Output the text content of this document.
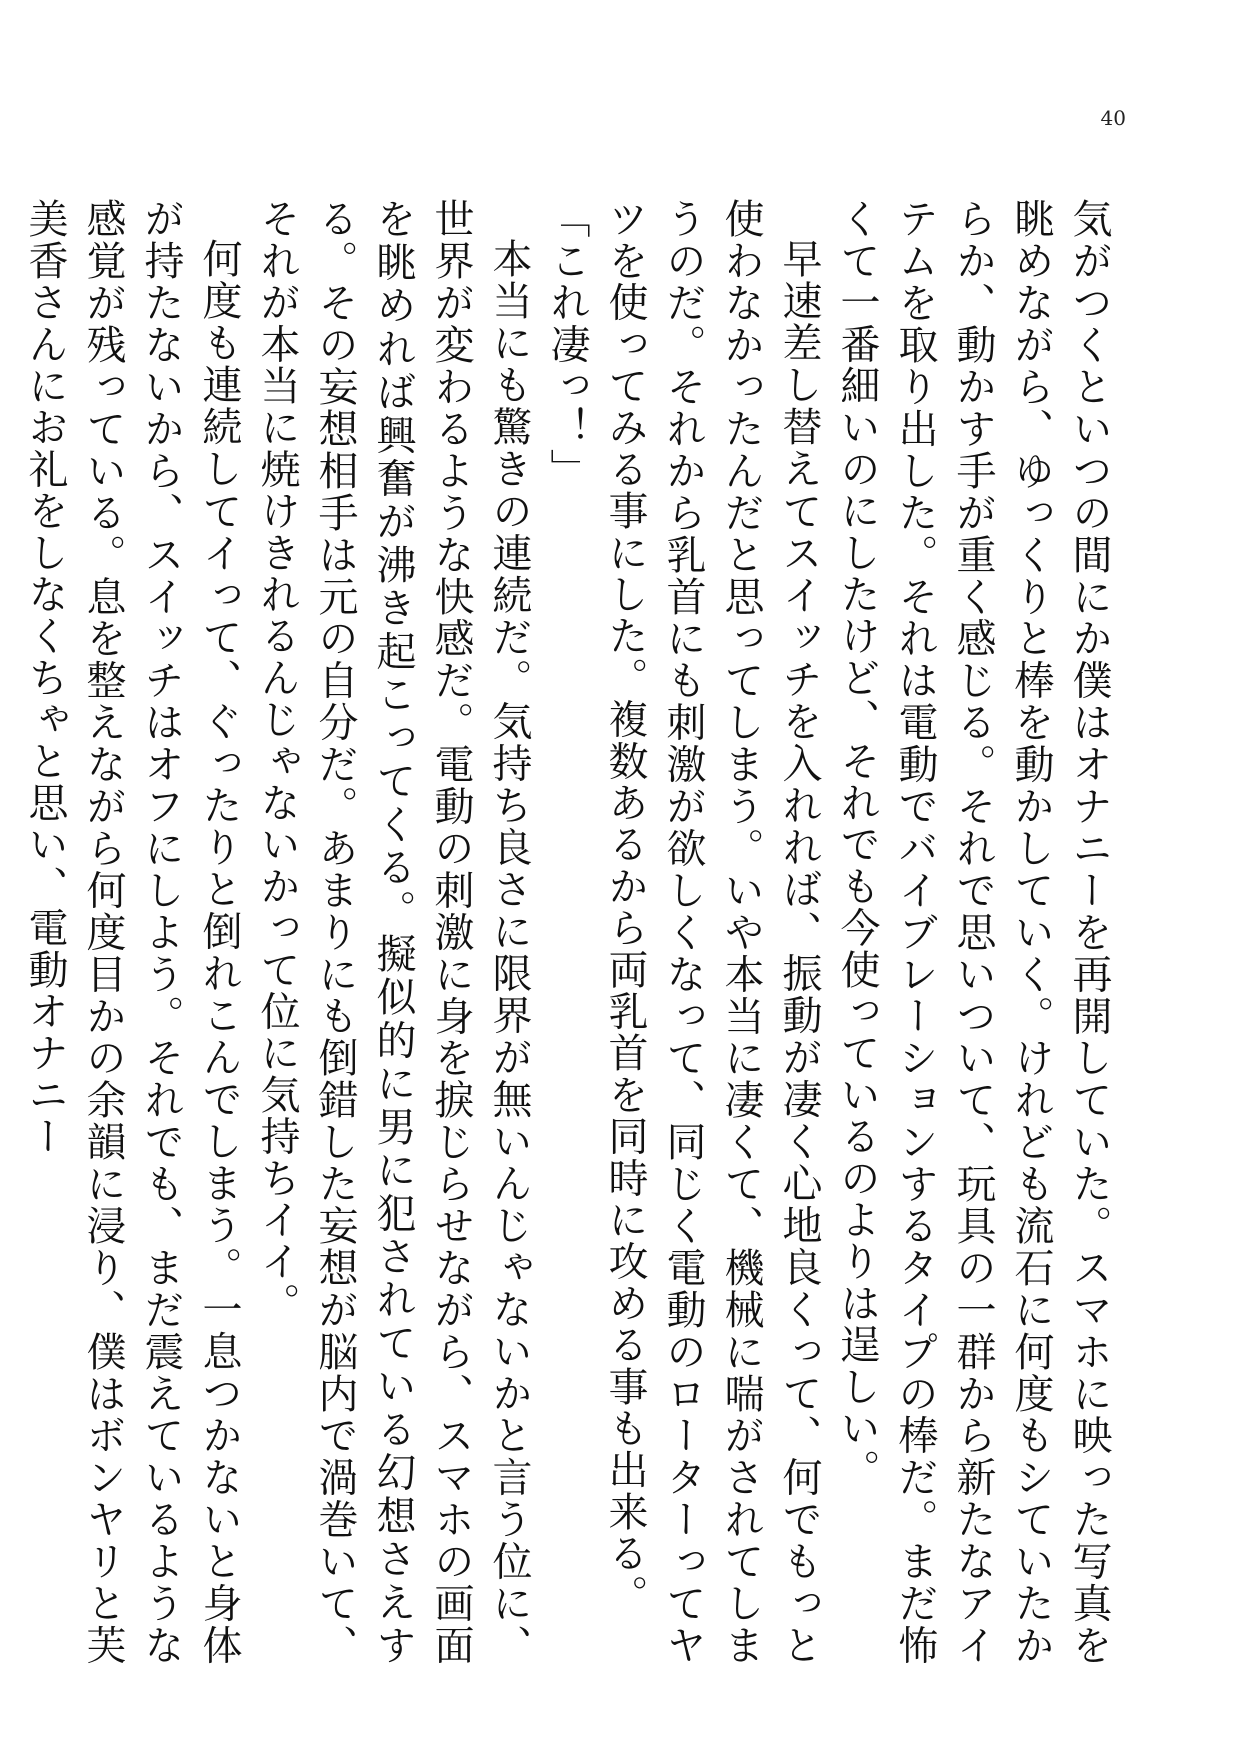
40

気がつくといつの間にか僕はオナニーを再開していた。スマホに映った写真を眺めながら、ゆっくりと棒を動かしていく。けれども流石に何度もシていたからか、動かす手が重く感じる。それで思いついて、玩具の一群から新たなアイテムを取り出した。それは電動でバイブレーションするタイプの棒だ。まだ怖くて一番細いのにしたけど、それでも今使っているのよりは逞しい。

早速差し替えてスイッチを入れれば、振動が凄く心地良くって、何でもっと使わなかったんだと思ってしまう。いや本当に凄くて、機械に喘がされてしまうのだ。それから乳首にも刺激が欲しくなって、同じく電動のローターってヤツを使ってみる事にした。複数あるから両乳首を同時に攻める事も出来る。

「これ凄っ！」

本当にも驚きの連続だ。気持ち良さに限界が無いんじゃないかと言う位に、世界が変わるような快感だ。電動の刺激に身を捩じらせながら、スマホの画面を眺めれば興奮が沸き起こってくる。擬似的に男に犯されている幻想さえする。その妄想相手は元の自分だ。あまりにも倒錯した妄想が脳内で渦巻いて、それが本当に焼けきれるんじゃないかって位に気持ちイイ。

何度も連続してイって、ぐったりと倒れこんでしまう。一息つかないと身体が持たないから、スイッチはオフにしよう。それでも、まだ震えているような感覚が残っている。息を整えながら何度目かの余韻に浸り、僕はボンヤリと芙美香さんにお礼をしなくちゃと思い、電動オナニー
